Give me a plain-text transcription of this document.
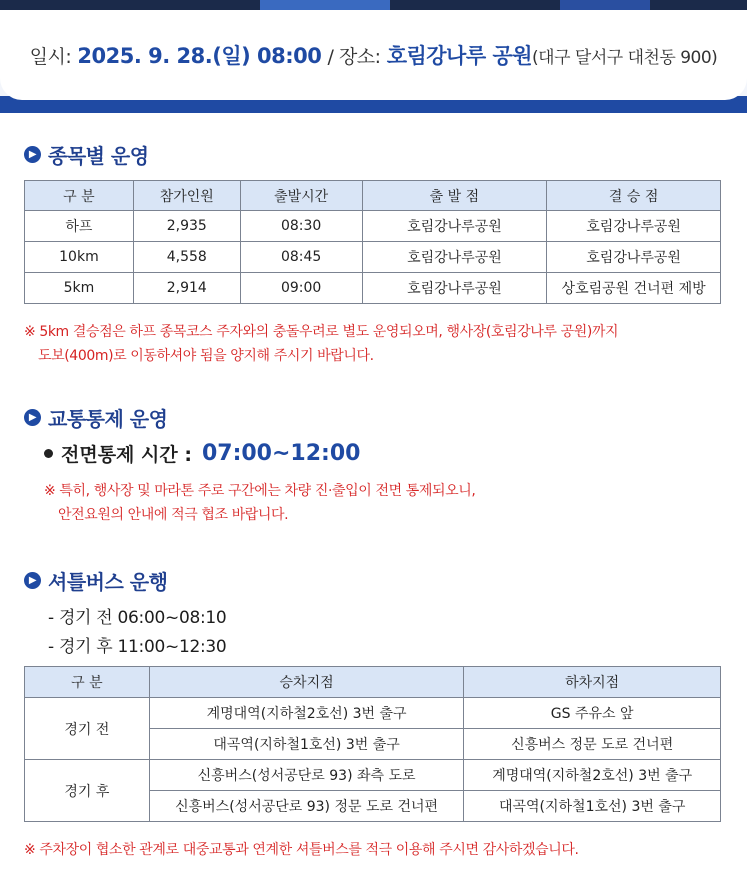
일시: 2025. 9. 28.(일) 08:00 / 장소: 호림강나루 공원(대구 달서구 대천동 900)
▶ 종목별 운영
구 분	참가인원	출발시간	출 발 점	결 승 점
하프	2,935	08:30	호림강나루공원	호림강나루공원
10km	4,558	08:45	호림강나루공원	호림강나루공원
5km	2,914	09:00	호림강나루공원	상호림공원 건너편 제방
※ 5km 결승점은 하프 종목코스 주자와의 충돌우려로 별도 운영되오며, 행사장(호림강나루 공원)까지
도보(400m)로 이동하셔야 됨을 양지해 주시기 바랍니다.
▶ 교통통제 운영
전면통제 시간 : 07:00~12:00
※ 특히, 행사장 및 마라톤 주로 구간에는 차량 진·출입이 전면 통제되오니,
안전요원의 안내에 적극 협조 바랍니다.
▶ 셔틀버스 운행
- 경기 전 06:00~08:10
- 경기 후 11:00~12:30
구 분	승차지점	하차지점
경기 전	계명대역(지하철2호선) 3번 출구	GS 주유소 앞
	대곡역(지하철1호선) 3번 출구	신흥버스 정문 도로 건너편
경기 후	신흥버스(성서공단로 93) 좌측 도로	계명대역(지하철2호선) 3번 출구
	신흥버스(성서공단로 93) 정문 도로 건너편	대곡역(지하철1호선) 3번 출구
※ 주차장이 협소한 관계로 대중교통과 연계한 셔틀버스를 적극 이용해 주시면 감사하겠습니다.
